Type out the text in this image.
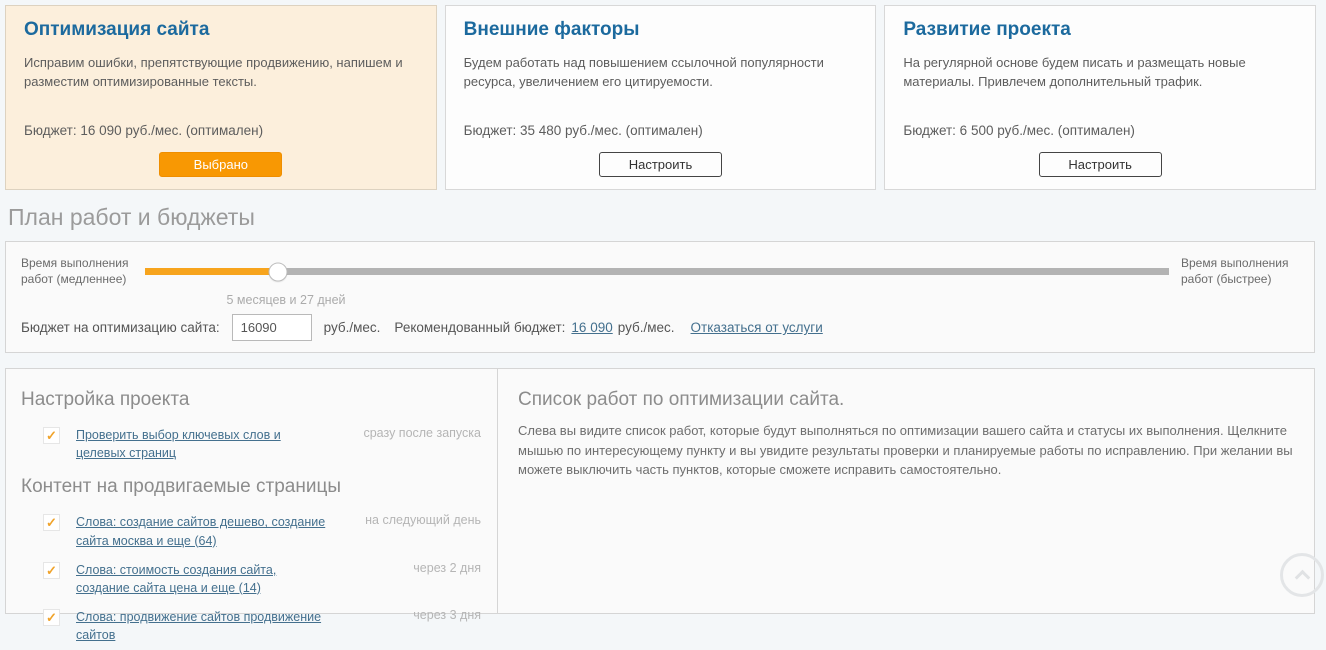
Оптимизация сайта
Исправим ошибки, препятствующие продвижению, напишем и разместим оптимизированные тексты.
Бюджет: 16 090 руб./мес. (оптимален)
Выбрано
Внешние факторы
Будем работать над повышением ссылочной популярности ресурса, увеличением его цитируемости.
Бюджет: 35 480 руб./мес. (оптимален)
Настроить
Развитие проекта
На регулярной основе будем писать и размещать новые материалы. Привлечем дополнительный трафик.
Бюджет: 6 500 руб./мес. (оптимален)
Настроить
План работ и бюджеты
Время выполнения работ (медленнее)
Время выполнения работ (быстрее)
5 месяцев и 27 дней
Бюджет на оптимизацию сайта:
16090	руб./мес. Рекомендованный бюджет: 16 090 руб./мес. Отказаться от услуги
Настройка проекта
✓ Проверить выбор ключевых слов и целевых страниц
сразу после запуска
Контент на продвигаемые страницы
✓ Слова: создание сайтов дешево, создание сайта москва и еще (64)
на следующий день
✓ Слова: стоимость создания сайта, создание сайта цена и еще (14)
через 2 дня
✓ Слова: продвижение сайтов продвижение сайтов
через 3 дня
Список работ по оптимизации сайта.

Слева вы видите список работ, которые будут выполняться по оптимизации вашего сайта и статусы их выполнения. Щелкните мышью по интересующему пункту и вы увидите результаты проверки и планируемые работы по исправлению. При желании вы можете выключить часть пунктов, которые сможете исправить самостоятельно.
